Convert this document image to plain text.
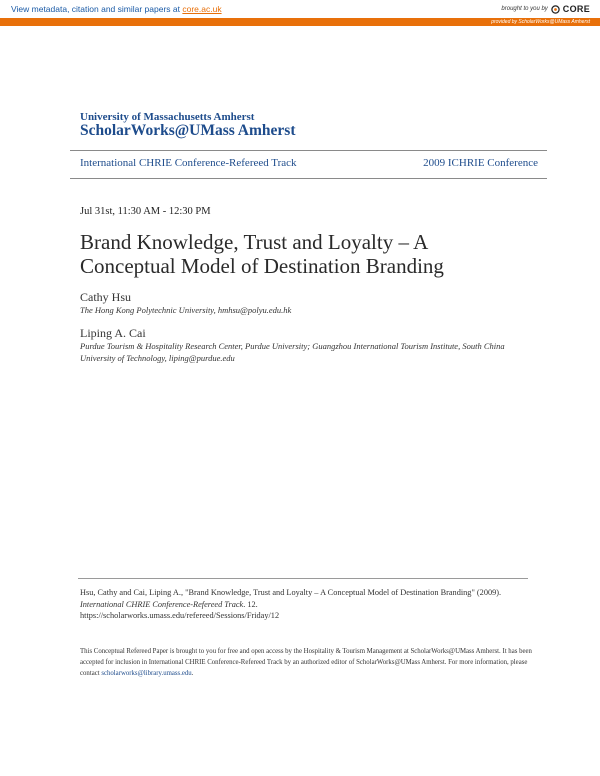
View metadata, citation and similar papers at core.ac.uk	brought to you by CORE
provided by ScholarWorks@UMass Amherst
University of Massachusetts Amherst
ScholarWorks@UMass Amherst
International CHRIE Conference-Refereed Track	2009 ICHRIE Conference
Jul 31st, 11:30 AM - 12:30 PM
Brand Knowledge, Trust and Loyalty – A Conceptual Model of Destination Branding
Cathy Hsu
The Hong Kong Polytechnic University, hmhsu@polyu.edu.hk
Liping A. Cai
Purdue Tourism & Hospitality Research Center, Purdue University; Guangzhou International Tourism Institute, South China University of Technology, liping@purdue.edu
Hsu, Cathy and Cai, Liping A., "Brand Knowledge, Trust and Loyalty – A Conceptual Model of Destination Branding" (2009).
International CHRIE Conference-Refereed Track. 12.
https://scholarworks.umass.edu/refereed/Sessions/Friday/12
This Conceptual Refereed Paper is brought to you for free and open access by the Hospitality & Tourism Management at ScholarWorks@UMass Amherst. It has been accepted for inclusion in International CHRIE Conference-Refereed Track by an authorized editor of ScholarWorks@UMass Amherst. For more information, please contact scholarworks@library.umass.edu.
